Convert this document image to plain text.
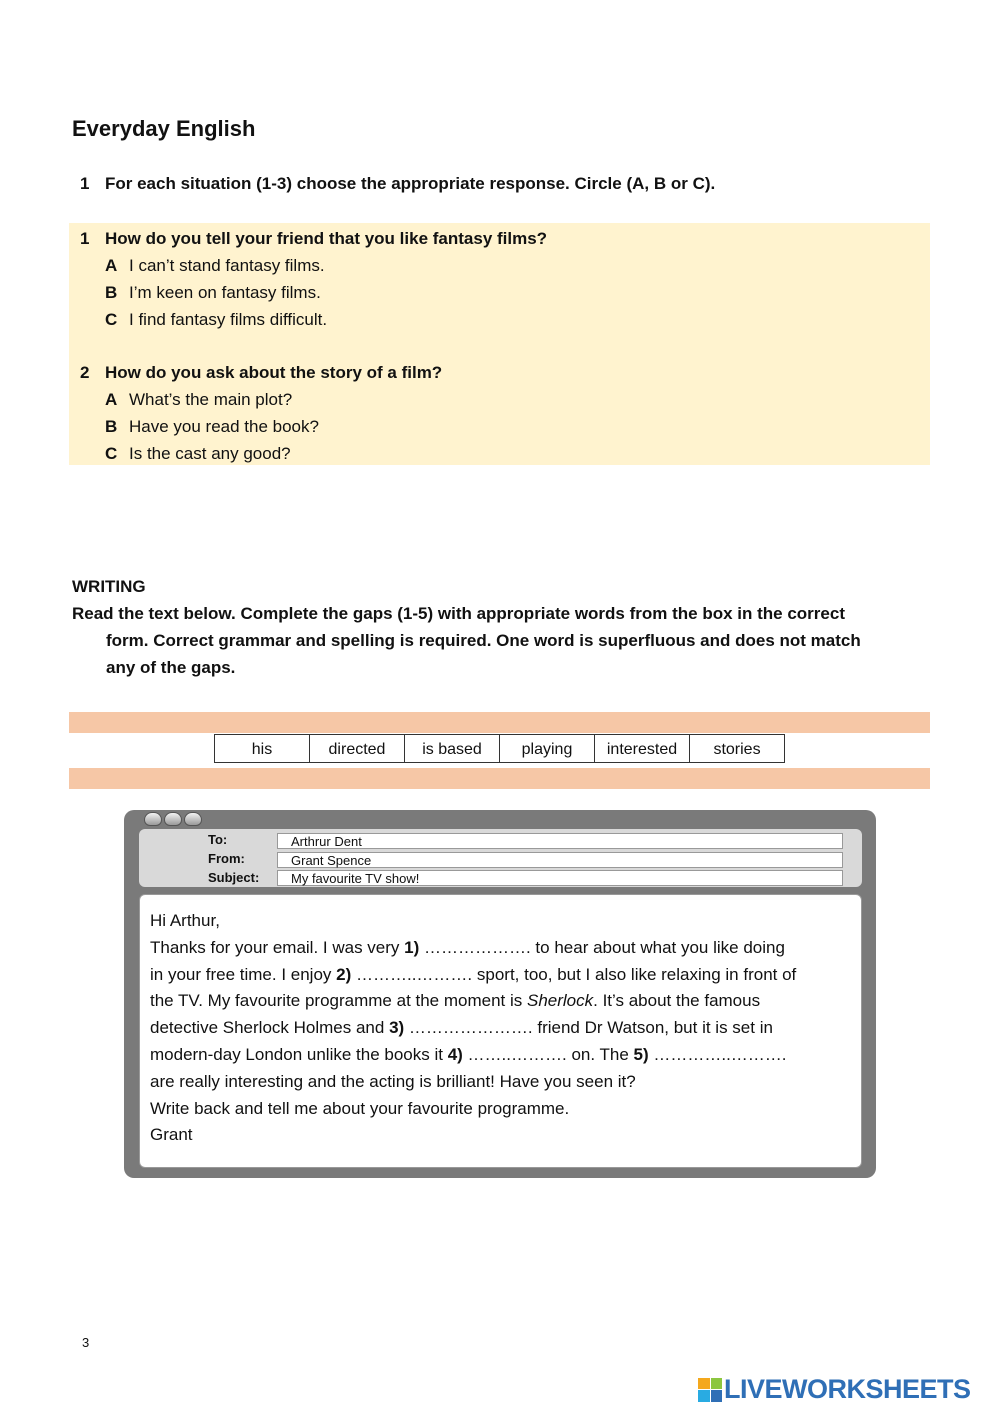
Everyday English
1 For each situation (1-3) choose the appropriate response. Circle (A, B or C).
1 How do you tell your friend that you like fantasy films?
A I can’t stand fantasy films.
B I’m keen on fantasy films.
C I find fantasy films difficult.
2 How do you ask about the story of a film?
A What’s the main plot?
B Have you read the book?
C Is the cast any good?
WRITING
Read the text below. Complete the gaps (1-5) with appropriate words from the box in the correct
form. Correct grammar and spelling is required. One word is superfluous and does not match
any of the gaps.
his	directed	is based	playing	interested	stories
To:	Arthrur Dent
From:	Grant Spence
Subject:	My favourite TV show!

Hi Arthur,

Thanks for your email. I was very 1) ………………. to hear about what you like doing

in your free time. I enjoy 2) ………..………. sport, too, but I also like relaxing in front of

the TV. My favourite programme at the moment is Sherlock. It’s about the famous

detective Sherlock Holmes and 3) …………………. friend Dr Watson, but it is set in

modern-day London unlike the books it 4) ……..………. on. The 5) …………..……….

are really interesting and the acting is brilliant! Have you seen it?

Write back and tell me about your favourite programme.

Grant

3
LIVEWORKSHEETS
